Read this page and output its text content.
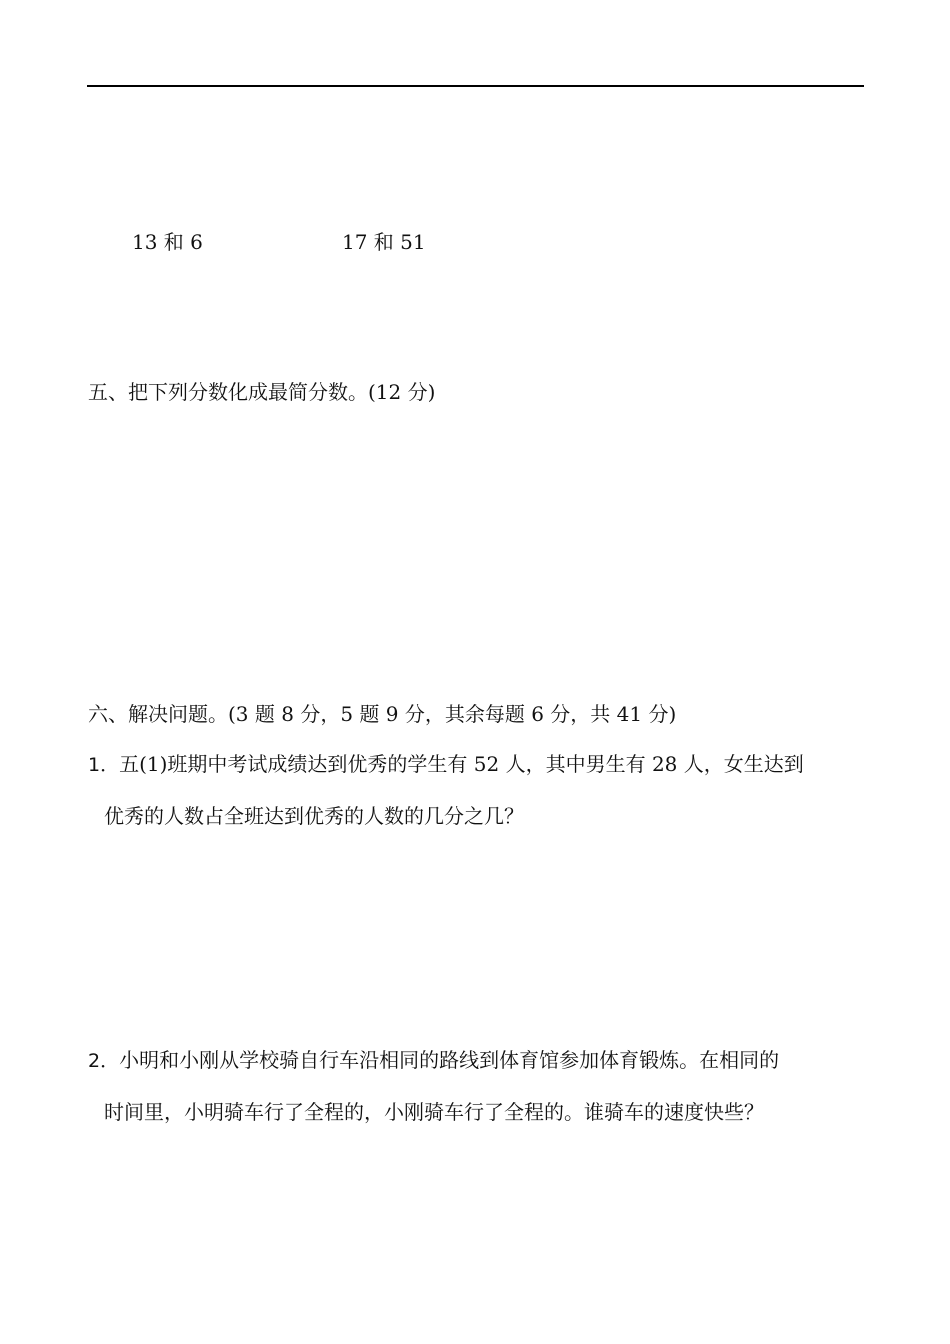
13 和 6	17 和 51
五、把下列分数化成最简分数。(12 分)
六、解决问题。(3 题 8 分，5 题 9 分，其余每题 6 分，共 41 分)
1．五(1)班期中考试成绩达到优秀的学生有 52 人，其中男生有 28 人，女生达到
优秀的人数占全班达到优秀的人数的几分之几？
2．小明和小刚从学校骑自行车沿相同的路线到体育馆参加体育锻炼。在相同的
时间里，小明骑车行了全程的，小刚骑车行了全程的。谁骑车的速度快些？
